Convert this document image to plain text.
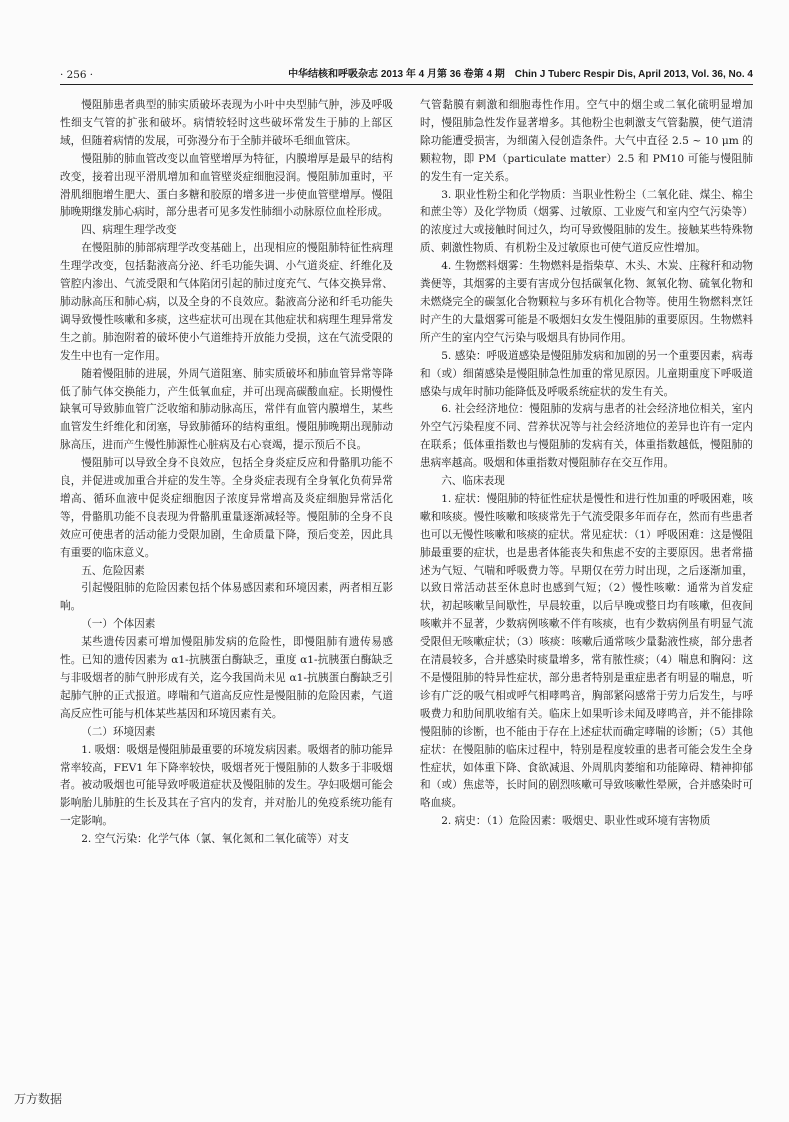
· 256 ·	中华结核和呼吸杂志 2013 年 4 月第 36 卷第 4 期　Chin J Tuberc Respir Dis, April 2013, Vol. 36, No. 4

慢阻肺患者典型的肺实质破坏表现为小叶中央型肺气肿，涉及呼吸性细支气管的扩张和破坏。病情较轻时这些破坏常发生于肺的上部区域，但随着病情的发展，可弥漫分布于全肺并破坏毛细血管床。

慢阻肺的肺血管改变以血管壁增厚为特征，内膜增厚是最早的结构改变，接着出现平滑肌增加和血管壁炎症细胞浸润。慢阻肺加重时，平滑肌细胞增生肥大、蛋白多糖和胶原的增多进一步使血管壁增厚。慢阻肺晚期继发肺心病时，部分患者可见多发性肺细小动脉原位血栓形成。

四、病理生理学改变

在慢阻肺的肺部病理学改变基础上，出现相应的慢阻肺特征性病理生理学改变，包括黏液高分泌、纤毛功能失调、小气道炎症、纤维化及管腔内渗出、气流受限和气体陷闭引起的肺过度充气、气体交换异常、肺动脉高压和肺心病，以及全身的不良效应。黏液高分泌和纤毛功能失调导致慢性咳嗽和多痰，这些症状可出现在其他症状和病理生理异常发生之前。肺泡附着的破坏使小气道维持开放能力受损，这在气流受限的发生中也有一定作用。

随着慢阻肺的进展，外周气道阻塞、肺实质破坏和肺血管异常等降低了肺气体交换能力，产生低氧血症，并可出现高碳酸血症。长期慢性缺氧可导致肺血管广泛收缩和肺动脉高压，常伴有血管内膜增生，某些血管发生纤维化和闭塞，导致肺循环的结构重组。慢阻肺晚期出现肺动脉高压，进而产生慢性肺源性心脏病及右心衰竭，提示预后不良。

慢阻肺可以导致全身不良效应，包括全身炎症反应和骨骼肌功能不良，并促进或加重合并症的发生等。全身炎症表现有全身氧化负荷异常增高、循环血液中促炎症细胞因子浓度异常增高及炎症细胞异常活化等，骨骼肌功能不良表现为骨骼肌重量逐渐减轻等。慢阻肺的全身不良效应可使患者的活动能力受限加剧，生命质量下降，预后变差，因此具有重要的临床意义。

五、危险因素

引起慢阻肺的危险因素包括个体易感因素和环境因素，两者相互影响。

（一）个体因素

某些遗传因素可增加慢阻肺发病的危险性，即慢阻肺有遗传易感性。已知的遗传因素为 α1-抗胰蛋白酶缺乏，重度 α1-抗胰蛋白酶缺乏与非吸烟者的肺气肿形成有关，迄今我国尚未见 α1-抗胰蛋白酶缺乏引起肺气肿的正式报道。哮喘和气道高反应性是慢阻肺的危险因素，气道高反应性可能与机体某些基因和环境因素有关。

（二）环境因素

1. 吸烟：吸烟是慢阻肺最重要的环境发病因素。吸烟者的肺功能异常率较高，FEV1 年下降率较快，吸烟者死于慢阻肺的人数多于非吸烟者。被动吸烟也可能导致呼吸道症状及慢阻肺的发生。孕妇吸烟可能会影响胎儿肺脏的生长及其在子宫内的发育，并对胎儿的免疫系统功能有一定影响。

2. 空气污染：化学气体（氯、氧化氮和二氧化硫等）对支

气管黏膜有刺激和细胞毒性作用。空气中的烟尘或二氧化硫明显增加时，慢阻肺急性发作显著增多。其他粉尘也刺激支气管黏膜，使气道清除功能遭受损害，为细菌入侵创造条件。大气中直径 2.5 ~ 10 μm 的颗粒物，即 PM（particulate matter）2.5 和 PM10 可能与慢阻肺的发生有一定关系。

3. 职业性粉尘和化学物质：当职业性粉尘（二氧化硅、煤尘、棉尘和蔗尘等）及化学物质（烟雾、过敏原、工业废气和室内空气污染等）的浓度过大或接触时间过久，均可导致慢阻肺的发生。接触某些特殊物质、刺激性物质、有机粉尘及过敏原也可使气道反应性增加。

4. 生物燃料烟雾：生物燃料是指柴草、木头、木炭、庄稼秆和动物粪便等，其烟雾的主要有害成分包括碳氧化物、氮氧化物、硫氧化物和未燃烧完全的碳氢化合物颗粒与多环有机化合物等。使用生物燃料烹饪时产生的大量烟雾可能是不吸烟妇女发生慢阻肺的重要原因。生物燃料所产生的室内空气污染与吸烟具有协同作用。

5. 感染：呼吸道感染是慢阻肺发病和加剧的另一个重要因素，病毒和（或）细菌感染是慢阻肺急性加重的常见原因。儿童期重度下呼吸道感染与成年时肺功能降低及呼吸系统症状的发生有关。

6. 社会经济地位：慢阻肺的发病与患者的社会经济地位相关，室内外空气污染程度不同、营养状况等与社会经济地位的差异也许有一定内在联系；低体重指数也与慢阻肺的发病有关，体重指数越低，慢阻肺的患病率越高。吸烟和体重指数对慢阻肺存在交互作用。

六、临床表现

1. 症状：慢阻肺的特征性症状是慢性和进行性加重的呼吸困难，咳嗽和咳痰。慢性咳嗽和咳痰常先于气流受限多年而存在，然而有些患者也可以无慢性咳嗽和咳痰的症状。常见症状：（1）呼吸困难：这是慢阻肺最重要的症状，也是患者体能丧失和焦虑不安的主要原因。患者常描述为气短、气喘和呼吸费力等。早期仅在劳力时出现，之后逐渐加重，以致日常活动甚至休息时也感到气短；（2）慢性咳嗽：通常为首发症状，初起咳嗽呈间歇性，早晨较重，以后早晚或整日均有咳嗽，但夜间咳嗽并不显著，少数病例咳嗽不伴有咳痰，也有少数病例虽有明显气流受限但无咳嗽症状；（3）咳痰：咳嗽后通常咳少量黏液性痰，部分患者在清晨较多，合并感染时痰量增多，常有脓性痰；（4）喘息和胸闷：这不是慢阻肺的特异性症状，部分患者特别是重症患者有明显的喘息，听诊有广泛的吸气相或呼气相哮鸣音，胸部紧闷感常于劳力后发生，与呼吸费力和肋间肌收缩有关。临床上如果听诊未闻及哮鸣音，并不能排除慢阻肺的诊断，也不能由于存在上述症状而确定哮喘的诊断；（5）其他症状：在慢阻肺的临床过程中，特别是程度较重的患者可能会发生全身性症状，如体重下降、食欲减退、外周肌肉萎缩和功能障碍、精神抑郁和（或）焦虑等，长时间的剧烈咳嗽可导致咳嗽性晕厥，合并感染时可咯血痰。

2. 病史：（1）危险因素：吸烟史、职业性或环境有害物质

万方数据
